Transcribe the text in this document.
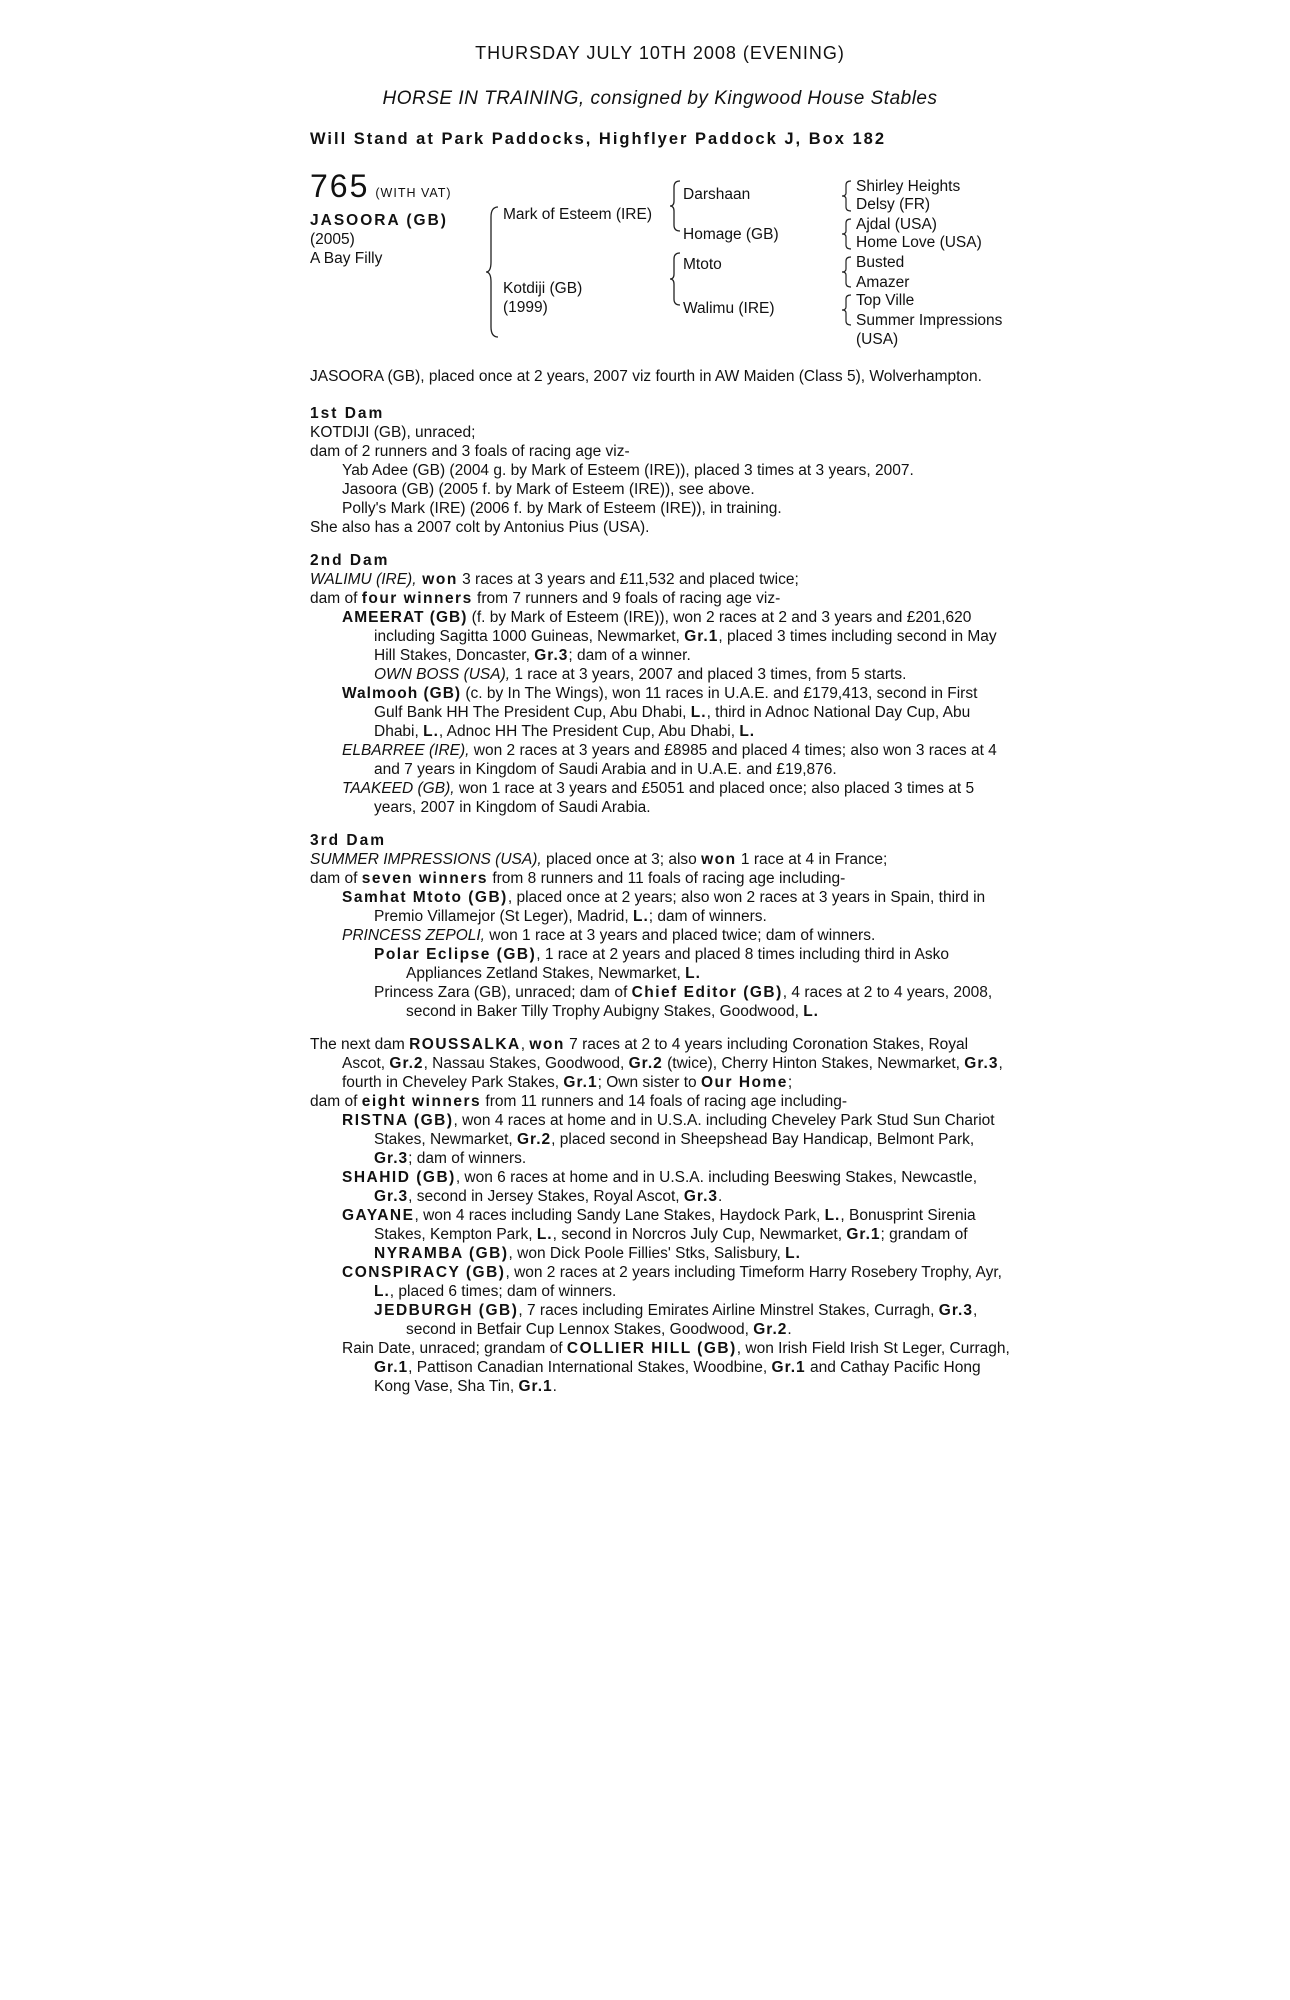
THURSDAY JULY 10TH 2008 (EVENING)
HORSE IN TRAINING, consigned by Kingwood House Stables
Will Stand at Park Paddocks, Highflyer Paddock J, Box 182
765 (WITH VAT)
JASOORA (GB)
(2005)
A Bay Filly
Mark of Esteem (IRE)
Kotdiji (GB)
(1999)
Darshaan
Homage (GB)
Mtoto
Walimu (IRE)
Shirley Heights
Delsy (FR)
Ajdal (USA)
Home Love (USA)
Busted
Amazer
Top Ville
Summer Impressions
(USA)

JASOORA (GB), placed once at 2 years, 2007 viz fourth in AW Maiden (Class 5), Wolverhampton.

1st Dam

KOTDIJI (GB), unraced;

dam of 2 runners and 3 foals of racing age viz-

Yab Adee (GB) (2004 g. by Mark of Esteem (IRE)), placed 3 times at 3 years, 2007.

Jasoora (GB) (2005 f. by Mark of Esteem (IRE)), see above.

Polly's Mark (IRE) (2006 f. by Mark of Esteem (IRE)), in training.

She also has a 2007 colt by Antonius Pius (USA).

2nd Dam

WALIMU (IRE), won 3 races at 3 years and £11,532 and placed twice;

dam of four winners from 7 runners and 9 foals of racing age viz-

AMEERAT (GB) (f. by Mark of Esteem (IRE)), won 2 races at 2 and 3 years and £201,620 including Sagitta 1000 Guineas, Newmarket, Gr.1, placed 3 times including second in May Hill Stakes, Doncaster, Gr.3; dam of a winner.

OWN BOSS (USA), 1 race at 3 years, 2007 and placed 3 times, from 5 starts.

Walmooh (GB) (c. by In The Wings), won 11 races in U.A.E. and £179,413, second in First Gulf Bank HH The President Cup, Abu Dhabi, L., third in Adnoc National Day Cup, Abu Dhabi, L., Adnoc HH The President Cup, Abu Dhabi, L.

ELBARREE (IRE), won 2 races at 3 years and £8985 and placed 4 times; also won 3 races at 4 and 7 years in Kingdom of Saudi Arabia and in U.A.E. and £19,876.

TAAKEED (GB), won 1 race at 3 years and £5051 and placed once; also placed 3 times at 5 years, 2007 in Kingdom of Saudi Arabia.

3rd Dam

SUMMER IMPRESSIONS (USA), placed once at 3; also won 1 race at 4 in France;

dam of seven winners from 8 runners and 11 foals of racing age including-

Samhat Mtoto (GB), placed once at 2 years; also won 2 races at 3 years in Spain, third in Premio Villamejor (St Leger), Madrid, L.; dam of winners.

PRINCESS ZEPOLI, won 1 race at 3 years and placed twice; dam of winners.

Polar Eclipse (GB), 1 race at 2 years and placed 8 times including third in Asko Appliances Zetland Stakes, Newmarket, L.

Princess Zara (GB), unraced; dam of Chief Editor (GB), 4 races at 2 to 4 years, 2008, second in Baker Tilly Trophy Aubigny Stakes, Goodwood, L.

The next dam ROUSSALKA, won 7 races at 2 to 4 years including Coronation Stakes, Royal Ascot, Gr.2, Nassau Stakes, Goodwood, Gr.2 (twice), Cherry Hinton Stakes, Newmarket, Gr.3, fourth in Cheveley Park Stakes, Gr.1; Own sister to Our Home;

dam of eight winners from 11 runners and 14 foals of racing age including-

RISTNA (GB), won 4 races at home and in U.S.A. including Cheveley Park Stud Sun Chariot Stakes, Newmarket, Gr.2, placed second in Sheepshead Bay Handicap, Belmont Park, Gr.3; dam of winners.

SHAHID (GB), won 6 races at home and in U.S.A. including Beeswing Stakes, Newcastle, Gr.3, second in Jersey Stakes, Royal Ascot, Gr.3.

GAYANE, won 4 races including Sandy Lane Stakes, Haydock Park, L., Bonusprint Sirenia Stakes, Kempton Park, L., second in Norcros July Cup, Newmarket, Gr.1; grandam of NYRAMBA (GB), won Dick Poole Fillies' Stks, Salisbury, L.

CONSPIRACY (GB), won 2 races at 2 years including Timeform Harry Rosebery Trophy, Ayr, L., placed 6 times; dam of winners.

JEDBURGH (GB), 7 races including Emirates Airline Minstrel Stakes, Curragh, Gr.3, second in Betfair Cup Lennox Stakes, Goodwood, Gr.2.

Rain Date, unraced; grandam of COLLIER HILL (GB), won Irish Field Irish St Leger, Curragh, Gr.1, Pattison Canadian International Stakes, Woodbine, Gr.1 and Cathay Pacific Hong Kong Vase, Sha Tin, Gr.1.
